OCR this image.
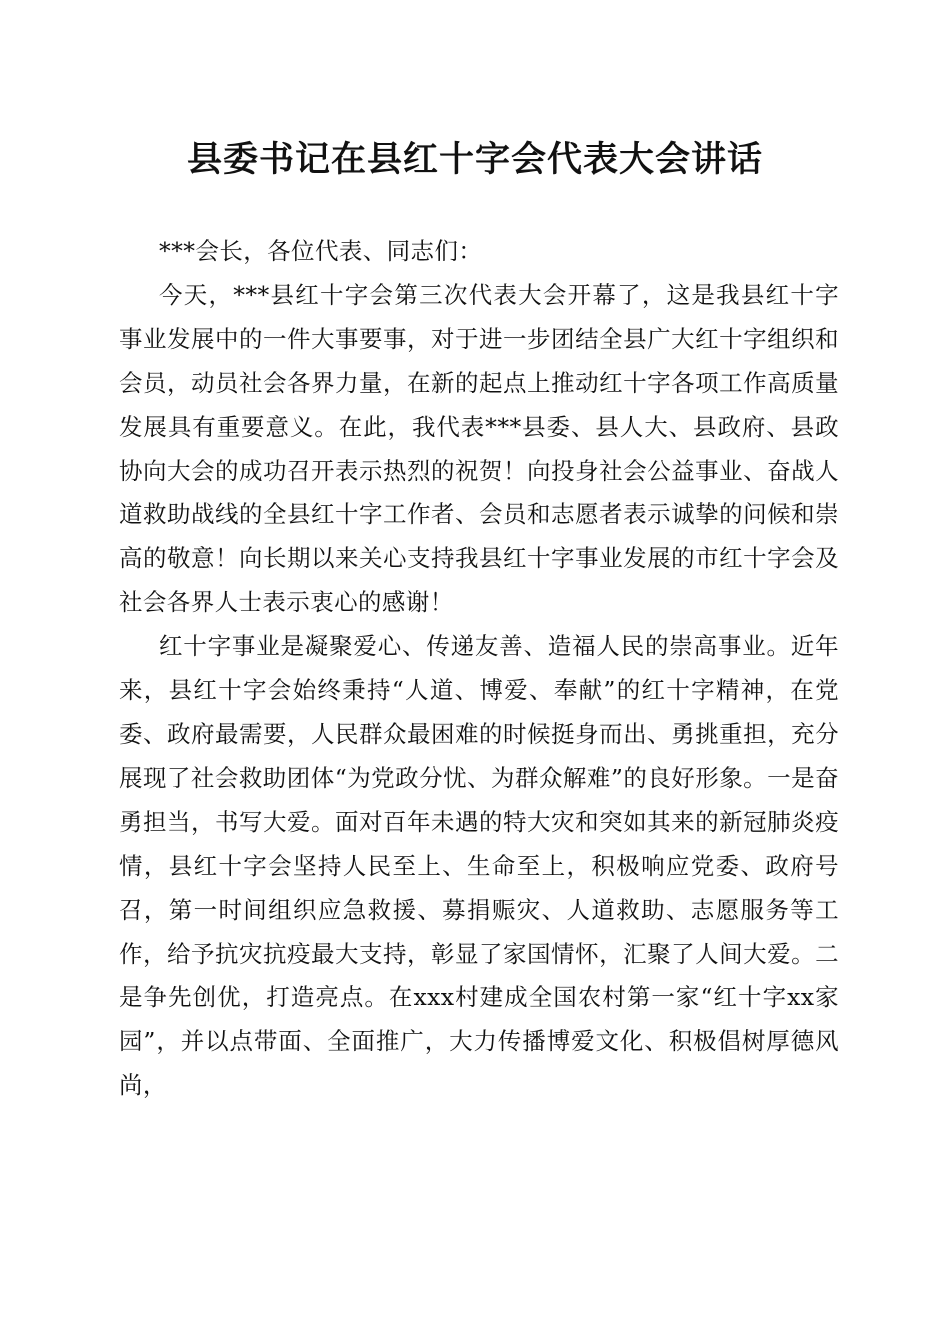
县委书记在县红十字会代表大会讲话

***会长，各位代表、同志们：

今天，***县红十字会第三次代表大会开幕了，这是我县红十字事业发展中的一件大事要事，对于进一步团结全县广大红十字组织和会员，动员社会各界力量，在新的起点上推动红十字各项工作高质量发展具有重要意义。在此，我代表***县委、县人大、县政府、县政协向大会的成功召开表示热烈的祝贺！向投身社会公益事业、奋战人道救助战线的全县红十字工作者、会员和志愿者表示诚挚的问候和崇高的敬意！向长期以来关心支持我县红十字事业发展的市红十字会及社会各界人士表示衷心的感谢！

红十字事业是凝聚爱心、传递友善、造福人民的崇高事业。近年来，县红十字会始终秉持“人道、博爱、奉献”的红十字精神，在党委、政府最需要，人民群众最困难的时候挺身而出、勇挑重担，充分展现了社会救助团体“为党政分忧、为群众解难”的良好形象。一是奋勇担当，书写大爱。面对百年未遇的特大灾和突如其来的新冠肺炎疫情，县红十字会坚持人民至上、生命至上，积极响应党委、政府号召，第一时间组织应急救援、募捐赈灾、人道救助、志愿服务等工作，给予抗灾抗疫最大支持，彰显了家国情怀，汇聚了人间大爱。二是争先创优，打造亮点。在xxx村建成全国农村第一家“红十字xx家园”，并以点带面、全面推广，大力传播博爱文化、积极倡树厚德风尚，
